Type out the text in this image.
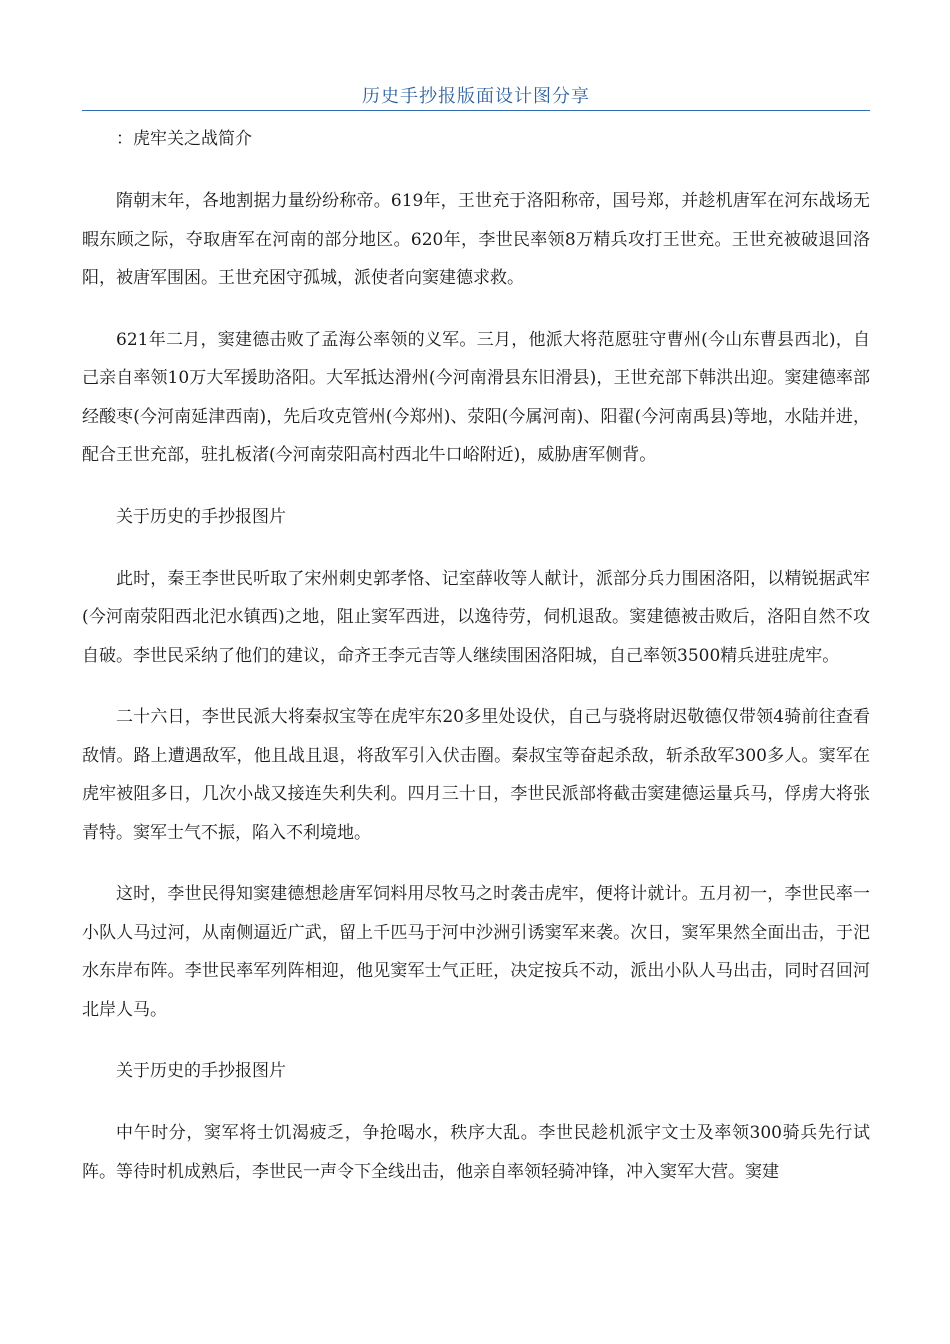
历史手抄报版面设计图分享

：虎牢关之战简介

隋朝末年，各地割据力量纷纷称帝。619年，王世充于洛阳称帝，国号郑，并趁机唐军在河东战场无暇东顾之际，夺取唐军在河南的部分地区。620年，李世民率领8万精兵攻打王世充。王世充被破退回洛阳，被唐军围困。王世充困守孤城，派使者向窦建德求救。

621年二月，窦建德击败了孟海公率领的义军。三月，他派大将范愿驻守曹州(今山东曹县西北)，自己亲自率领10万大军援助洛阳。大军抵达滑州(今河南滑县东旧滑县)，王世充部下韩洪出迎。窦建德率部经酸枣(今河南延津西南)，先后攻克管州(今郑州)、荥阳(今属河南)、阳翟(今河南禹县)等地，水陆并进，配合王世充部，驻扎板渚(今河南荥阳高村西北牛口峪附近)，威胁唐军侧背。

关于历史的手抄报图片

此时，秦王李世民听取了宋州刺史郭孝恪、记室薛收等人献计，派部分兵力围困洛阳，以精锐据武牢(今河南荥阳西北汜水镇西)之地，阻止窦军西进，以逸待劳，伺机退敌。窦建德被击败后，洛阳自然不攻自破。李世民采纳了他们的建议，命齐王李元吉等人继续围困洛阳城，自己率领3500精兵进驻虎牢。

二十六日，李世民派大将秦叔宝等在虎牢东20多里处设伏，自己与骁将尉迟敬德仅带领4骑前往查看敌情。路上遭遇敌军，他且战且退，将敌军引入伏击圈。秦叔宝等奋起杀敌，斩杀敌军300多人。窦军在虎牢被阻多日，几次小战又接连失利失利。四月三十日，李世民派部将截击窦建德运量兵马，俘虏大将张青特。窦军士气不振，陷入不利境地。

这时，李世民得知窦建德想趁唐军饲料用尽牧马之时袭击虎牢，便将计就计。五月初一，李世民率一小队人马过河，从南侧逼近广武，留上千匹马于河中沙洲引诱窦军来袭。次日，窦军果然全面出击，于汜水东岸布阵。李世民率军列阵相迎，他见窦军士气正旺，决定按兵不动，派出小队人马出击，同时召回河北岸人马。

关于历史的手抄报图片

中午时分，窦军将士饥渴疲乏，争抢喝水，秩序大乱。李世民趁机派宇文士及率领300骑兵先行试阵。等待时机成熟后，李世民一声令下全线出击，他亲自率领轻骑冲锋，冲入窦军大营。窦建
